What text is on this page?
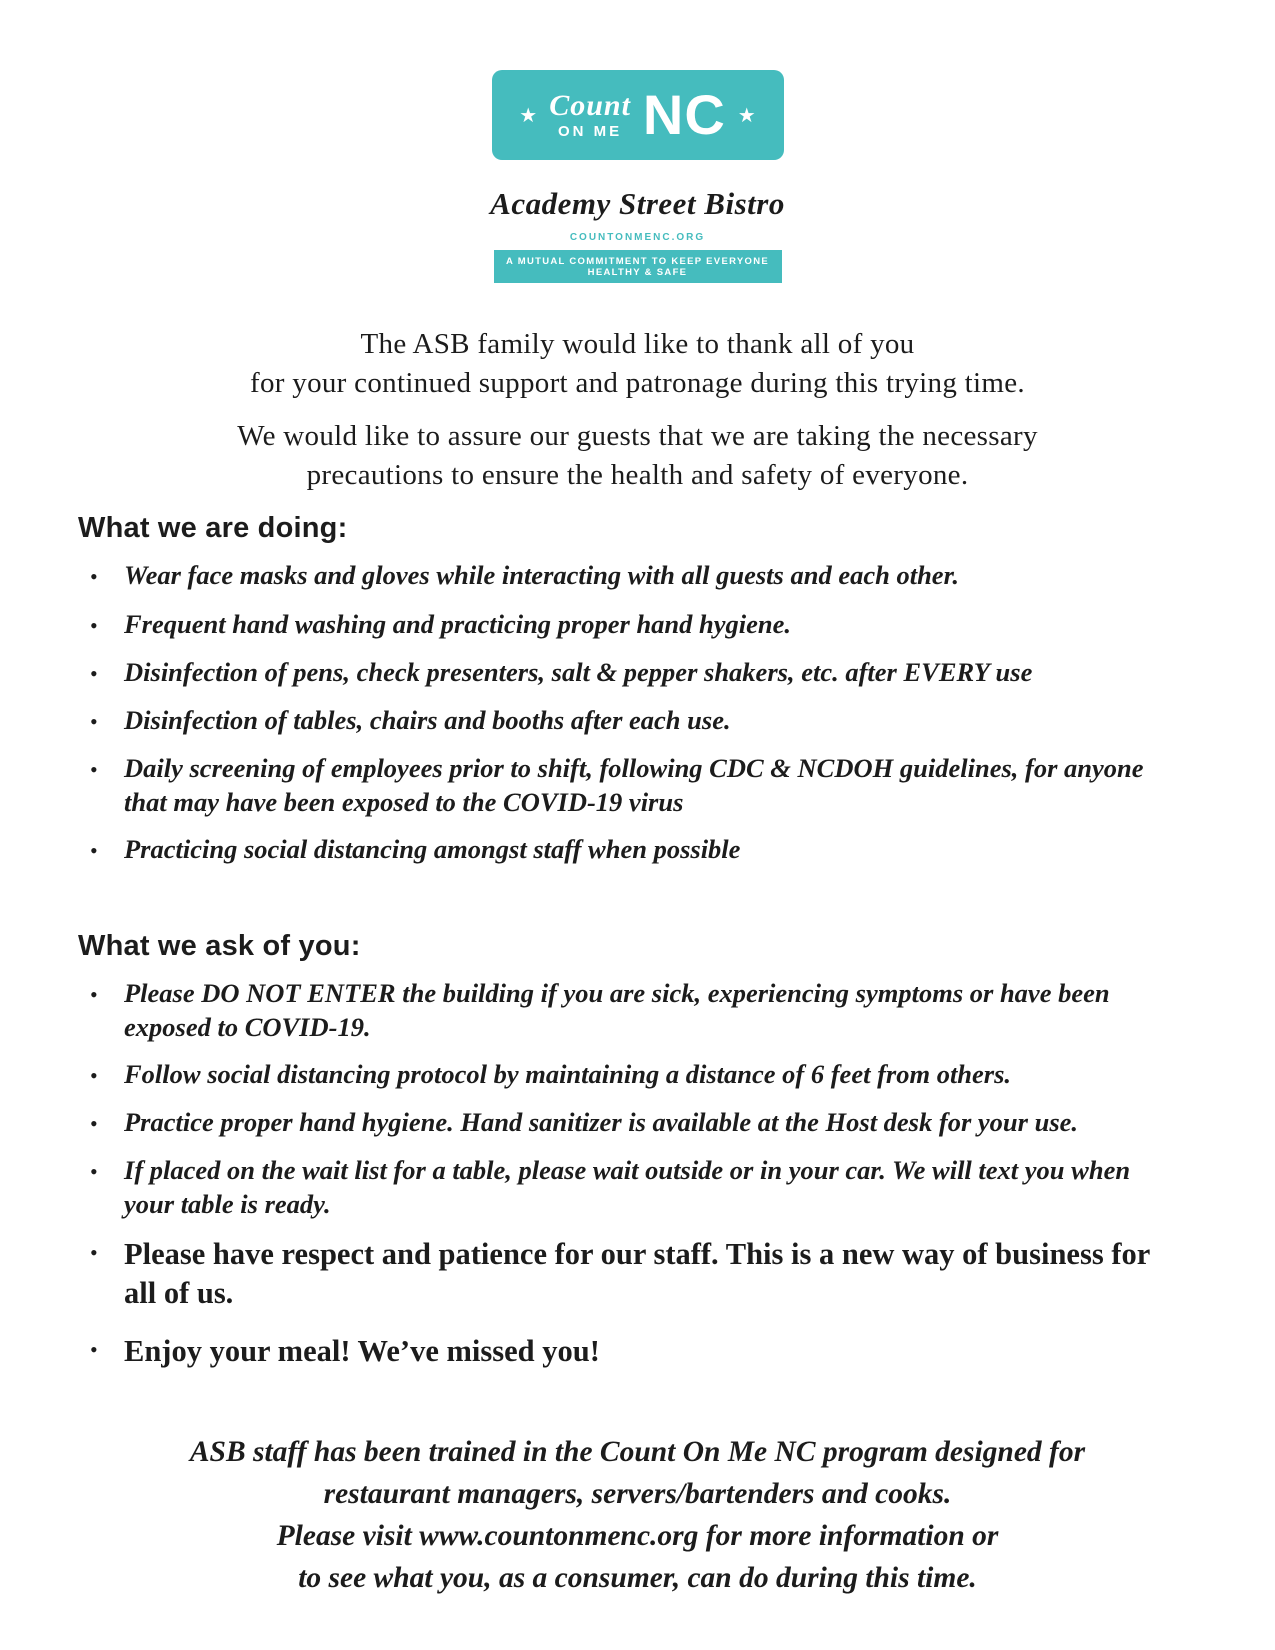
★ Count
ON ME NC ★
Academy Street Bistro
COUNTONMENC.ORG
A MUTUAL COMMITMENT TO KEEP EVERYONE HEALTHY & SAFE

The ASB family would like to thank all of you
for your continued support and patronage during this trying time.

We would like to assure our guests that we are taking the necessary
precautions to ensure the health and safety of everyone.

What we are doing:
• Wear face masks and gloves while interacting with all guests and each other.
• Frequent hand washing and practicing proper hand hygiene.
• Disinfection of pens, check presenters, salt & pepper shakers, etc. after EVERY use
• Disinfection of tables, chairs and booths after each use.
• Daily screening of employees prior to shift, following CDC & NCDOH guidelines, for anyone that may have been exposed to the COVID-19 virus
• Practicing social distancing amongst staff when possible
What we ask of you:
• Please DO NOT ENTER the building if you are sick, experiencing symptoms or have been exposed to COVID-19.
• Follow social distancing protocol by maintaining a distance of 6 feet from others.
• Practice proper hand hygiene. Hand sanitizer is available at the Host desk for your use.
• If placed on the wait list for a table, please wait outside or in your car. We will text you when your table is ready.
• Please have respect and patience for our staff. This is a new way of business for all of us.
• Enjoy your meal! We’ve missed you!
ASB staff has been trained in the Count On Me NC program designed for
restaurant managers, servers/bartenders and cooks.
Please visit www.countonmenc.org for more information or
to see what you, as a consumer, can do during this time.
